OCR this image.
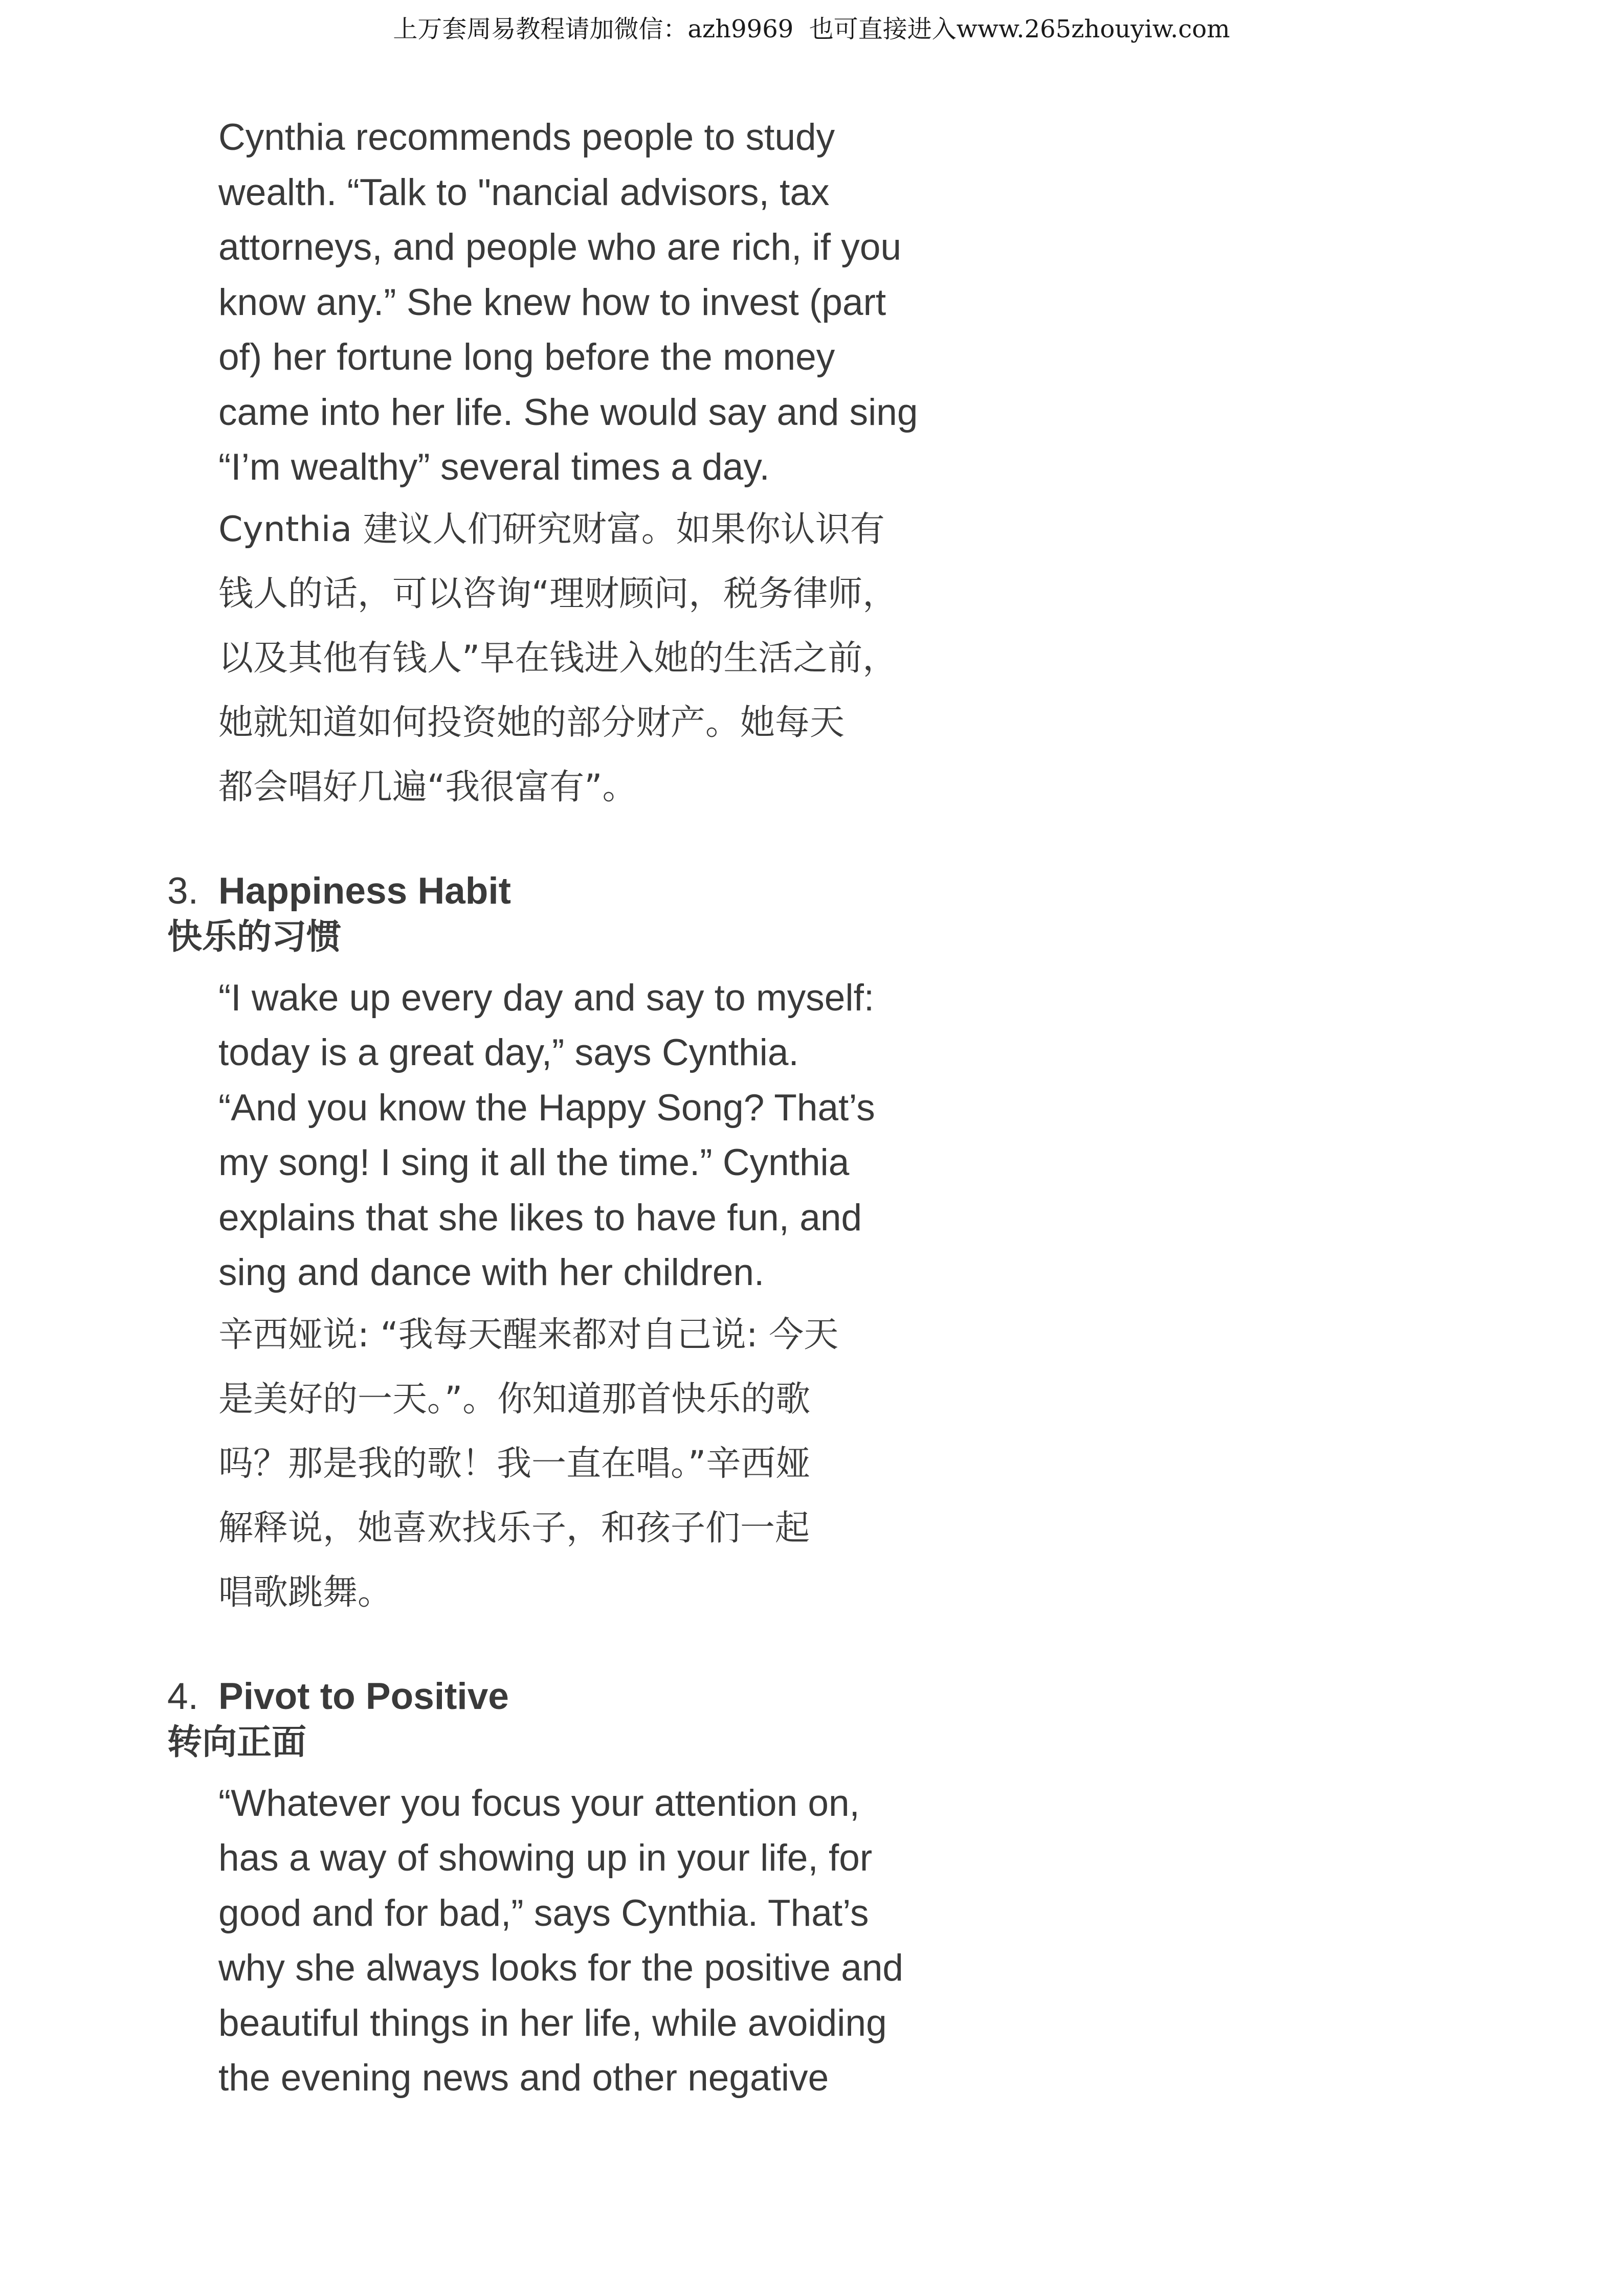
上万套周易教程请加微信：azh9969  也可直接进入www.265zhouyiw.com

Cynthia recommends people to study

wealth. “Talk to "nancial advisors, tax

attorneys, and people who are rich, if you

know any.” She knew how to invest (part

of) her fortune long before the money

came into her life. She would say and sing

“I’m wealthy” several times a day.

Cynthia 建议人们研究财富。如果你认识有

钱人的话，可以咨询“理财顾问，税务律师，

以及其他有钱人”早在钱进入她的生活之前，

她就知道如何投资她的部分财产。她每天

都会唱好几遍“我很富有”。

3. Happiness Habit
快乐的习惯

“I wake up every day and say to myself:

today is a great day,” says Cynthia.

“And you know the Happy Song? That’s

my song! I sing it all the time.” Cynthia

explains that she likes to have fun, and

sing and dance with her children.

辛西娅说: “我每天醒来都对自己说: 今天

是美好的一天。”。你知道那首快乐的歌

吗？那是我的歌！我一直在唱。”辛西娅

解释说，她喜欢找乐子，和孩子们一起

唱歌跳舞。

4. Pivot to Positive
转向正面

“Whatever you focus your attention on,

has a way of showing up in your life, for

good and for bad,” says Cynthia. That’s

why she always looks for the positive and

beautiful things in her life, while avoiding

the evening news and other negative
